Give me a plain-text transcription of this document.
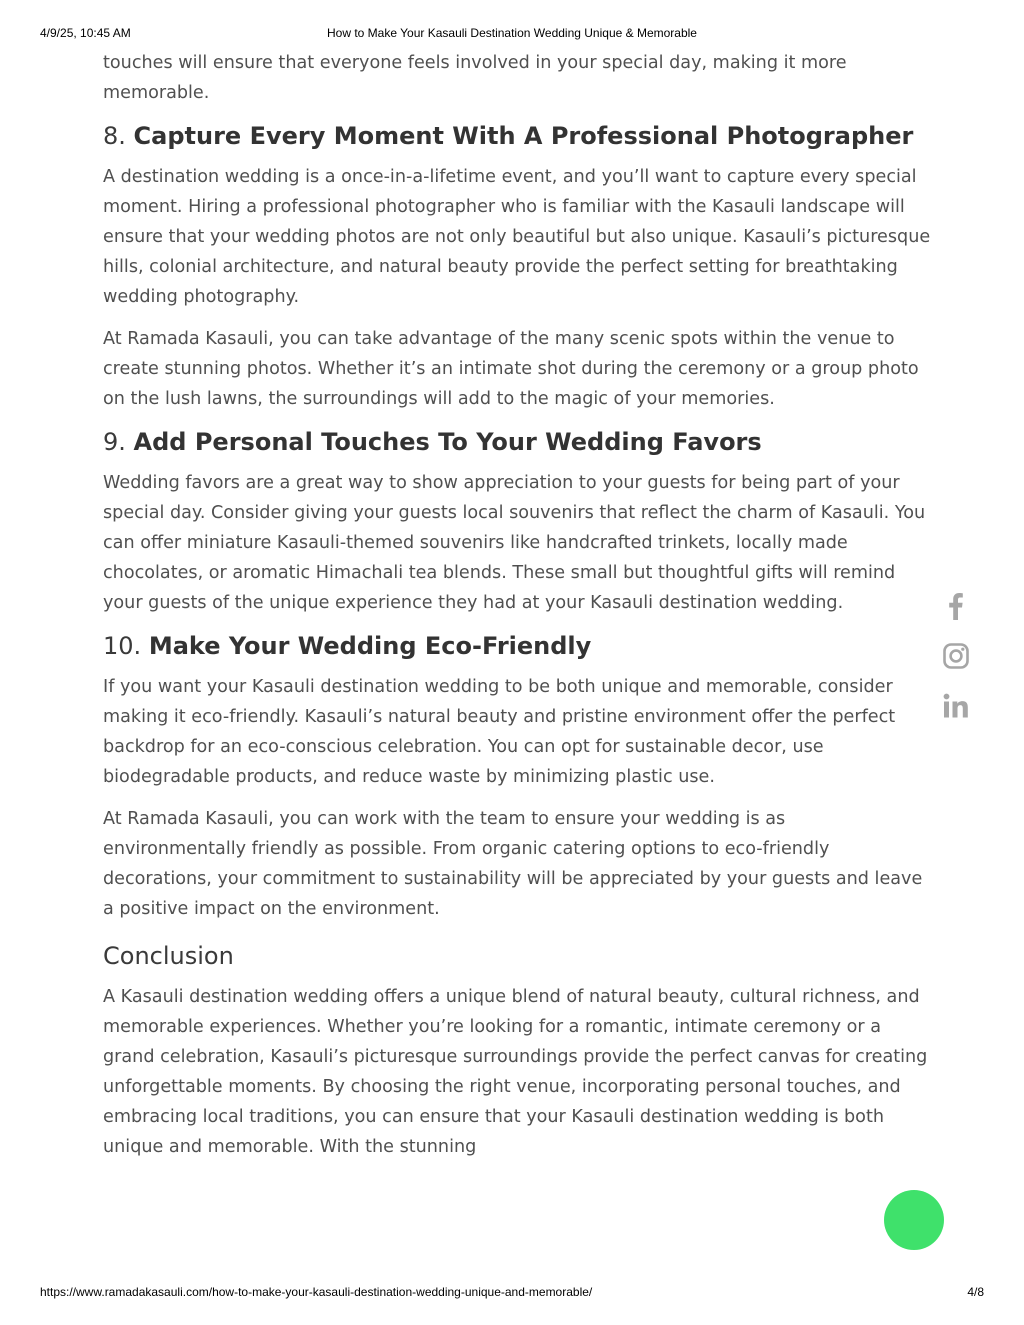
4/9/25, 10:45 AM	How to Make Your Kasauli Destination Wedding Unique & Memorable

touches will ensure that everyone feels involved in your special day, making it more memorable.

8. Capture Every Moment With A Professional Photographer

A destination wedding is a once-in-a-lifetime event, and you’ll want to capture every special moment. Hiring a professional photographer who is familiar with the Kasauli landscape will ensure that your wedding photos are not only beautiful but also unique. Kasauli’s picturesque hills, colonial architecture, and natural beauty provide the perfect setting for breathtaking wedding photography.

At Ramada Kasauli, you can take advantage of the many scenic spots within the venue to create stunning photos. Whether it’s an intimate shot during the ceremony or a group photo on the lush lawns, the surroundings will add to the magic of your memories.

9. Add Personal Touches To Your Wedding Favors

Wedding favors are a great way to show appreciation to your guests for being part of your special day. Consider giving your guests local souvenirs that reflect the charm of Kasauli. You can offer miniature Kasauli-themed souvenirs like handcrafted trinkets, locally made chocolates, or aromatic Himachali tea blends. These small but thoughtful gifts will remind your guests of the unique experience they had at your Kasauli destination wedding.

10. Make Your Wedding Eco-Friendly

If you want your Kasauli destination wedding to be both unique and memorable, consider making it eco-friendly. Kasauli’s natural beauty and pristine environment offer the perfect backdrop for an eco-conscious celebration. You can opt for sustainable decor, use biodegradable products, and reduce waste by minimizing plastic use.

At Ramada Kasauli, you can work with the team to ensure your wedding is as environmentally friendly as possible. From organic catering options to eco-friendly decorations, your commitment to sustainability will be appreciated by your guests and leave a positive impact on the environment.

Conclusion

A Kasauli destination wedding offers a unique blend of natural beauty, cultural richness, and memorable experiences. Whether you’re looking for a romantic, intimate ceremony or a grand celebration, Kasauli’s picturesque surroundings provide the perfect canvas for creating unforgettable moments. By choosing the right venue, incorporating personal touches, and embracing local traditions, you can ensure that your Kasauli destination wedding is both unique and memorable. With the stunning

https://www.ramadakasauli.com/how-to-make-your-kasauli-destination-wedding-unique-and-memorable/	4/8
